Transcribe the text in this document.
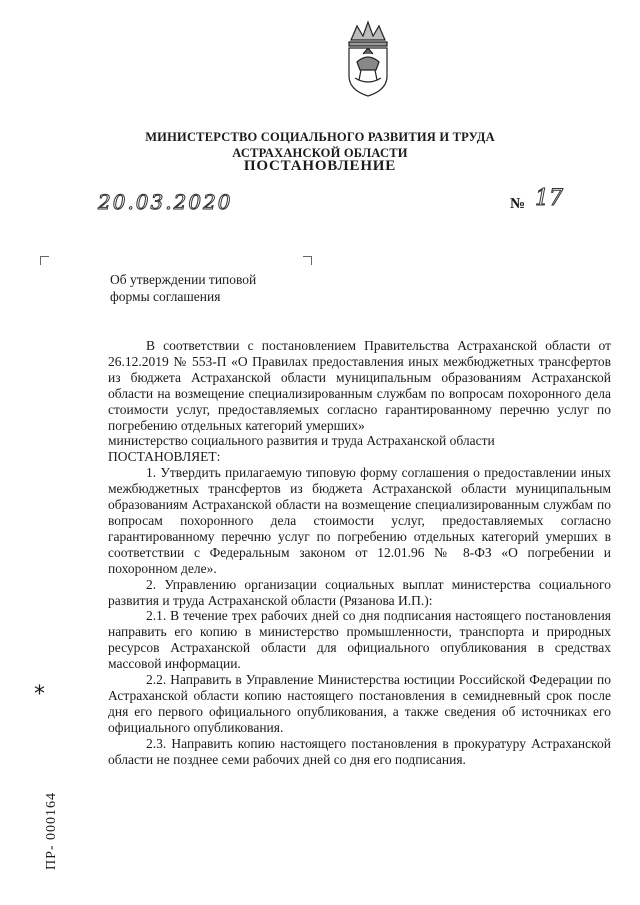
МИНИСТЕРСТВО СОЦИАЛЬНОГО РАЗВИТИЯ И ТРУДА
АСТРАХАНСКОЙ ОБЛАСТИ
ПОСТАНОВЛЕНИЕ
20.03.2020	№ 17
Об утверждении типовой
формы соглашения

В соответствии с постановлением Правительства Астраханской области от 26.12.2019 № 553-П «О Правилах предоставления иных межбюджетных трансфертов из бюджета Астраханской области муниципальным образованиям Астраханской области на возмещение специализированным службам по вопросам похоронного дела стоимости услуг, предоставляемых согласно гарантированному перечню услуг по погребению отдельных категорий умерших»

министерство социального развития и труда Астраханской области

ПОСТАНОВЛЯЕТ:

1. Утвердить прилагаемую типовую форму соглашения о предоставлении иных межбюджетных трансфертов из бюджета Астраханской области муниципальным образованиям Астраханской области на возмещение специализированным службам по вопросам похоронного дела стоимости услуг, предоставляемых согласно гарантированному перечню услуг по погребению отдельных категорий умерших в соответствии с Федеральным законом от 12.01.96 № 8-ФЗ «О погребении и похоронном деле».

2. Управлению организации социальных выплат министерства социального развития и труда Астраханской области (Рязанова И.П.):

2.1. В течение трех рабочих дней со дня подписания настоящего постановления направить его копию в министерство промышленности, транспорта и природных ресурсов Астраханской области для официального опубликования в средствах массовой информации.

2.2. Направить в Управление Министерства юстиции Российской Федерации по Астраханской области копию настоящего постановления в семидневный срок после дня его первого официального опубликования, а также сведения об источниках его официального опубликования.

2.3. Направить копию настоящего постановления в прокуратуру Астраханской области не позднее семи рабочих дней со дня его подписания.

*
ПР- 000164
